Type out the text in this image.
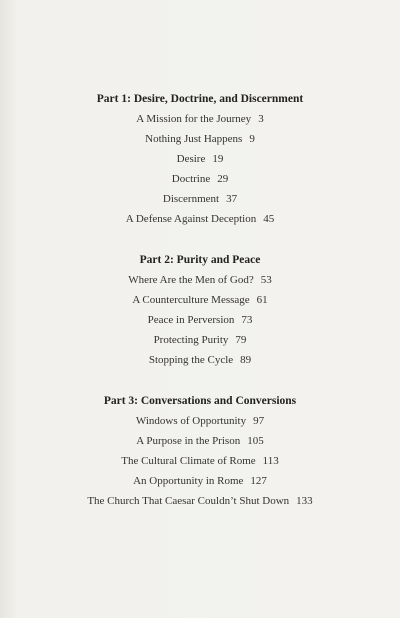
Part 1: Desire, Doctrine, and Discernment
A Mission for the Journey 3
Nothing Just Happens 9
Desire 19
Doctrine 29
Discernment 37
A Defense Against Deception 45
Part 2: Purity and Peace
Where Are the Men of God? 53
A Counterculture Message 61
Peace in Perversion 73
Protecting Purity 79
Stopping the Cycle 89
Part 3: Conversations and Conversions
Windows of Opportunity 97
A Purpose in the Prison 105
The Cultural Climate of Rome 113
An Opportunity in Rome 127
The Church That Caesar Couldn’t Shut Down 133
